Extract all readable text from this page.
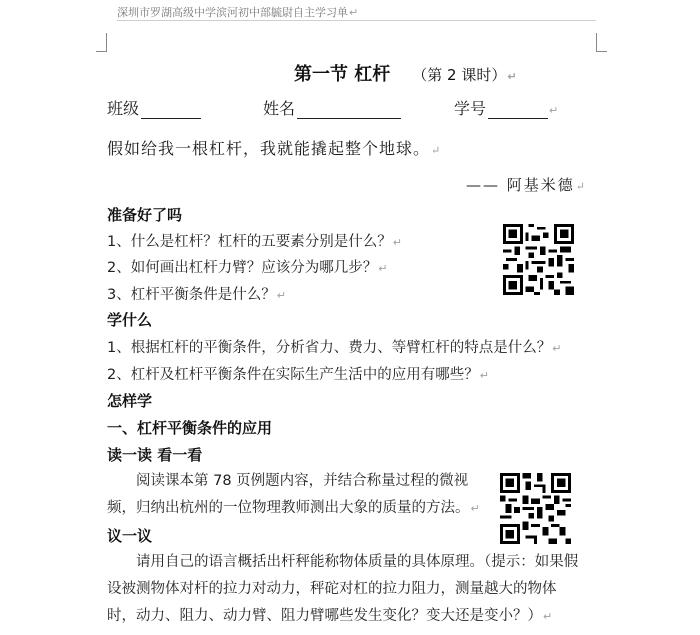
深圳市罗湖高级中学滨河初中部毓尉自主学习单↵
第一节 杠杆 （第 2 课时）↵
班级	姓名	学号	↵
假如给我一根杠杆，我就能撬起整个地球。↵
—— 阿基米德↵
准备好了吗
1、什么是杠杆？杠杆的五要素分别是什么？↵
2、如何画出杠杆力臂？应该分为哪几步？↵
3、杠杆平衡条件是什么？↵
学什么
1、根据杠杆的平衡条件，分析省力、费力、等臂杠杆的特点是什么？↵
2、杠杆及杠杆平衡条件在实际生产生活中的应用有哪些？↵
怎样学
一、杠杆平衡条件的应用
读一读 看一看
阅读课本第 78 页例题内容，并结合称量过程的微视频，归纳出杭州的一位物理教师测出大象的质量的方法。↵
议一议
请用自己的语言概括出杆秤能称物体质量的具体原理。（提示：如果假设被测物体对杆的拉力对动力，秤砣对杠的拉力阻力，测量越大的物体时，动力、阻力、动力臂、阻力臂哪些发生变化？变大还是变小？）↵
